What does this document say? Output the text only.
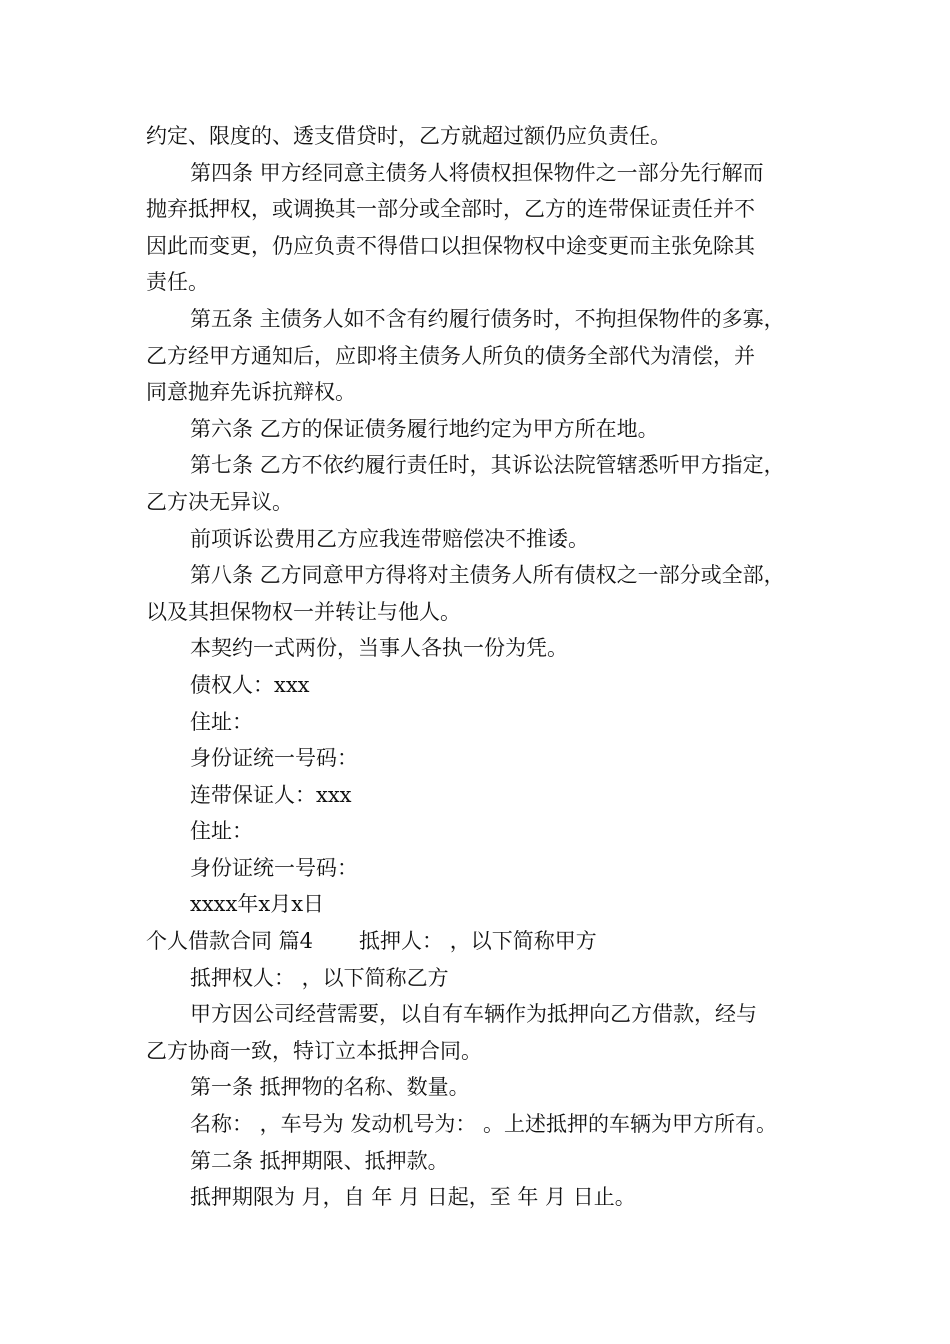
约定、限度的、透支借贷时，乙方就超过额仍应负责任。
第四条 甲方经同意主债务人将债权担保物件之一部分先行解而
抛弃抵押权，或调换其一部分或全部时，乙方的连带保证责任并不
因此而变更，仍应负责不得借口以担保物权中途变更而主张免除其
责任。
第五条 主债务人如不含有约履行债务时，不拘担保物件的多寡，
乙方经甲方通知后，应即将主债务人所负的债务全部代为清偿，并
同意抛弃先诉抗辩权。
第六条 乙方的保证债务履行地约定为甲方所在地。
第七条 乙方不依约履行责任时，其诉讼法院管辖悉听甲方指定，
乙方决无异议。
前项诉讼费用乙方应我连带赔偿决不推诿。
第八条 乙方同意甲方得将对主债务人所有债权之一部分或全部，
以及其担保物权一并转让与他人。
本契约一式两份，当事人各执一份为凭。
债权人：xxx
住址：
身份证统一号码：
连带保证人：xxx
住址：
身份证统一号码：
xxxx年x月x日
个人借款合同 篇4 抵押人： ，以下简称甲方
抵押权人： ，以下简称乙方
甲方因公司经营需要，以自有车辆作为抵押向乙方借款，经与
乙方协商一致，特订立本抵押合同。
第一条 抵押物的名称、数量。
名称： ，车号为 发动机号为： 。上述抵押的车辆为甲方所有。
第二条 抵押期限、抵押款。
抵押期限为 月，自 年 月 日起，至 年 月 日止。
